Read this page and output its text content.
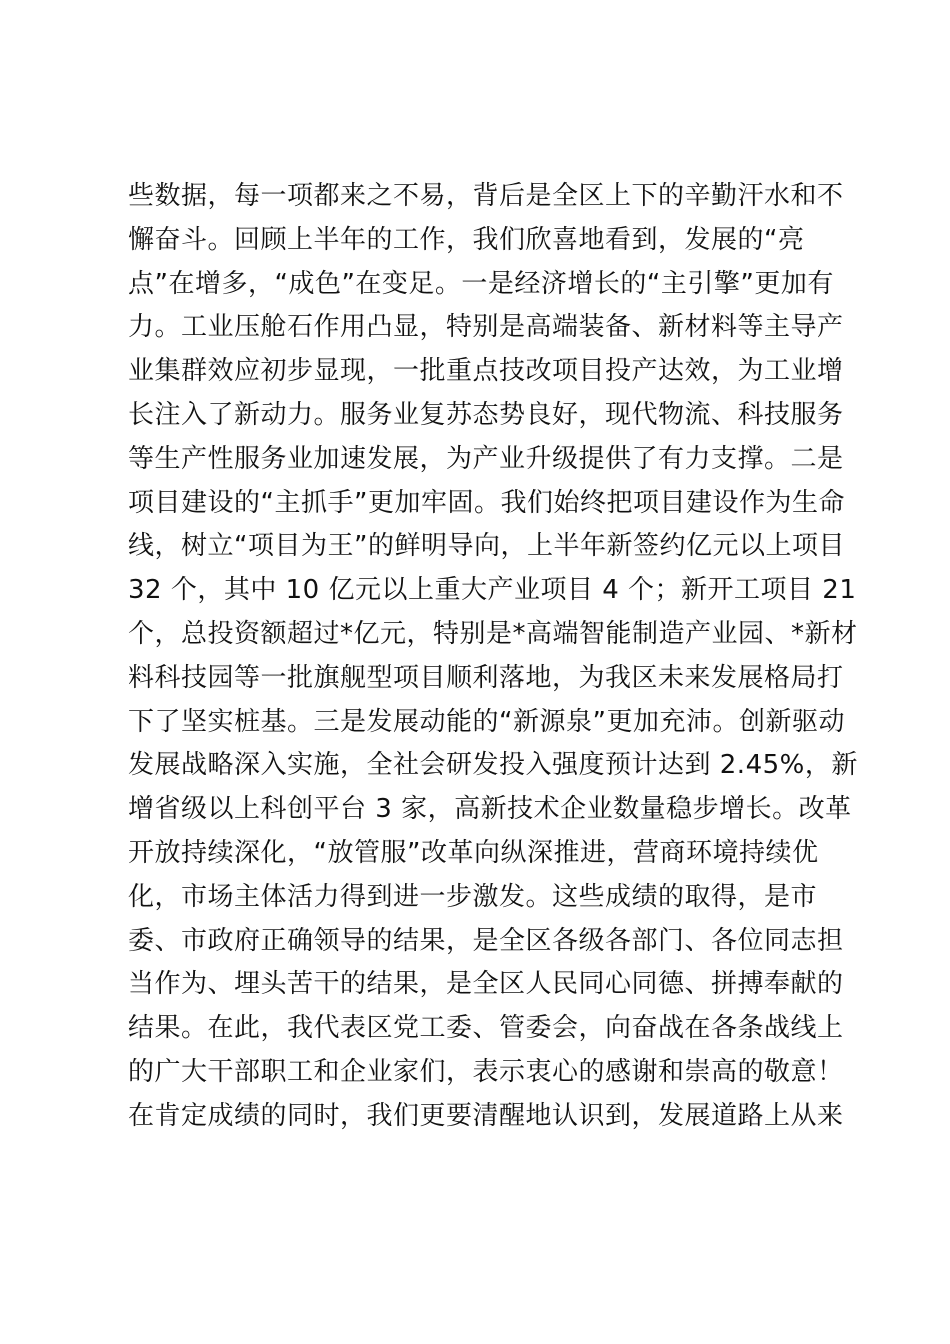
些数据，每一项都来之不易，背后是全区上下的辛勤汗水和不
懈奋斗。回顾上半年的工作，我们欣喜地看到，发展的“亮
点”在增多，“成色”在变足。一是经济增长的“主引擎”更加有
力。工业压舱石作用凸显，特别是高端装备、新材料等主导产
业集群效应初步显现，一批重点技改项目投产达效，为工业增
长注入了新动力。服务业复苏态势良好，现代物流、科技服务
等生产性服务业加速发展，为产业升级提供了有力支撑。二是
项目建设的“主抓手”更加牢固。我们始终把项目建设作为生命
线，树立“项目为王”的鲜明导向，上半年新签约亿元以上项目
32 个，其中 10 亿元以上重大产业项目 4 个；新开工项目 21
个，总投资额超过*亿元，特别是*高端智能制造产业园、*新材
料科技园等一批旗舰型项目顺利落地，为我区未来发展格局打
下了坚实桩基。三是发展动能的“新源泉”更加充沛。创新驱动
发展战略深入实施，全社会研发投入强度预计达到 2.45%，新
增省级以上科创平台 3 家，高新技术企业数量稳步增长。改革
开放持续深化，“放管服”改革向纵深推进，营商环境持续优
化，市场主体活力得到进一步激发。这些成绩的取得，是市
委、市政府正确领导的结果，是全区各级各部门、各位同志担
当作为、埋头苦干的结果，是全区人民同心同德、拼搏奉献的
结果。在此，我代表区党工委、管委会，向奋战在各条战线上
的广大干部职工和企业家们，表示衷心的感谢和崇高的敬意！
在肯定成绩的同时，我们更要清醒地认识到，发展道路上从来
